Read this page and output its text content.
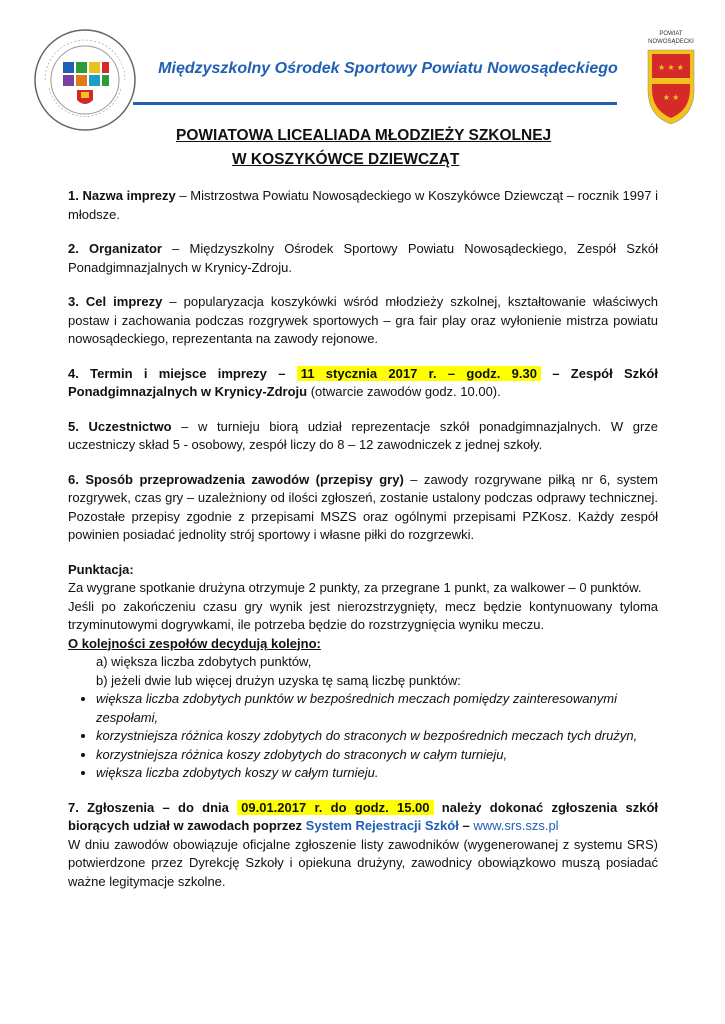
Międzyszkolny Ośrodek Sportowy Powiatu Nowosądeckiego
POWIAT
NOWOSĄDECKI
★ ★ ★
★ ★
POWIATOWA LICEALIADA MŁODZIEŻY SZKOLNEJ
W KOSZYKÓWCE DZIEWCZĄT

1. Nazwa imprezy – Mistrzostwa Powiatu Nowosądeckiego w Koszykówce Dziewcząt – rocznik 1997 i młodsze.

2. Organizator – Międzyszkolny Ośrodek Sportowy Powiatu Nowosądeckiego, Zespół Szkół Ponadgimnazjalnych w Krynicy-Zdroju.

3. Cel imprezy – popularyzacja koszykówki wśród młodzieży szkolnej, kształtowanie właściwych postaw i zachowania podczas rozgrywek sportowych – gra fair play oraz wyłonienie mistrza powiatu nowosądeckiego, reprezentanta na zawody rejonowe.

4. Termin i miejsce imprezy – 11 stycznia 2017 r. – godz. 9.30 – Zespół Szkół Ponadgimnazjalnych w Krynicy-Zdroju (otwarcie zawodów godz. 10.00).

5. Uczestnictwo – w turnieju biorą udział reprezentacje szkół ponadgimnazjalnych. W grze uczestniczy skład 5 - osobowy, zespół liczy do 8 – 12 zawodniczek z jednej szkoły.

6. Sposób przeprowadzenia zawodów (przepisy gry) – zawody rozgrywane piłką nr 6, system rozgrywek, czas gry – uzależniony od ilości zgłoszeń, zostanie ustalony podczas odprawy technicznej. Pozostałe przepisy zgodnie z przepisami MSZS oraz ogólnymi przepisami PZKosz. Każdy zespół powinien posiadać jednolity strój sportowy i własne piłki do rozgrzewki.

Punktacja:
Za wygrane spotkanie drużyna otrzymuje 2 punkty, za przegrane 1 punkt, za walkower – 0 punktów.
Jeśli po zakończeniu czasu gry wynik jest nierozstrzygnięty, mecz będzie kontynuowany tyloma trzyminutowymi dogrywkami, ile potrzeba będzie do rozstrzygnięcia wyniku meczu.
O kolejności zespołów decydują kolejno:
a) większa liczba zdobytych punktów,
b) jeżeli dwie lub więcej drużyn uzyska tę samą liczbę punktów:
• większa liczba zdobytych punktów w bezpośrednich meczach pomiędzy zainteresowanymi zespołami,
• korzystniejsza różnica koszy zdobytych do straconych w bezpośrednich meczach tych drużyn,
• korzystniejsza różnica koszy zdobytych do straconych w całym turnieju,
• większa liczba zdobytych koszy w całym turnieju.

7. Zgłoszenia – do dnia 09.01.2017 r. do godz. 15.00 należy dokonać zgłoszenia szkół biorących udział w zawodach poprzez System Rejestracji Szkół – www.srs.szs.pl
W dniu zawodów obowiązuje oficjalne zgłoszenie listy zawodników (wygenerowanej z systemu SRS) potwierdzone przez Dyrekcję Szkoły i opiekuna drużyny, zawodnicy obowiązkowo muszą posiadać ważne legitymacje szkolne.
